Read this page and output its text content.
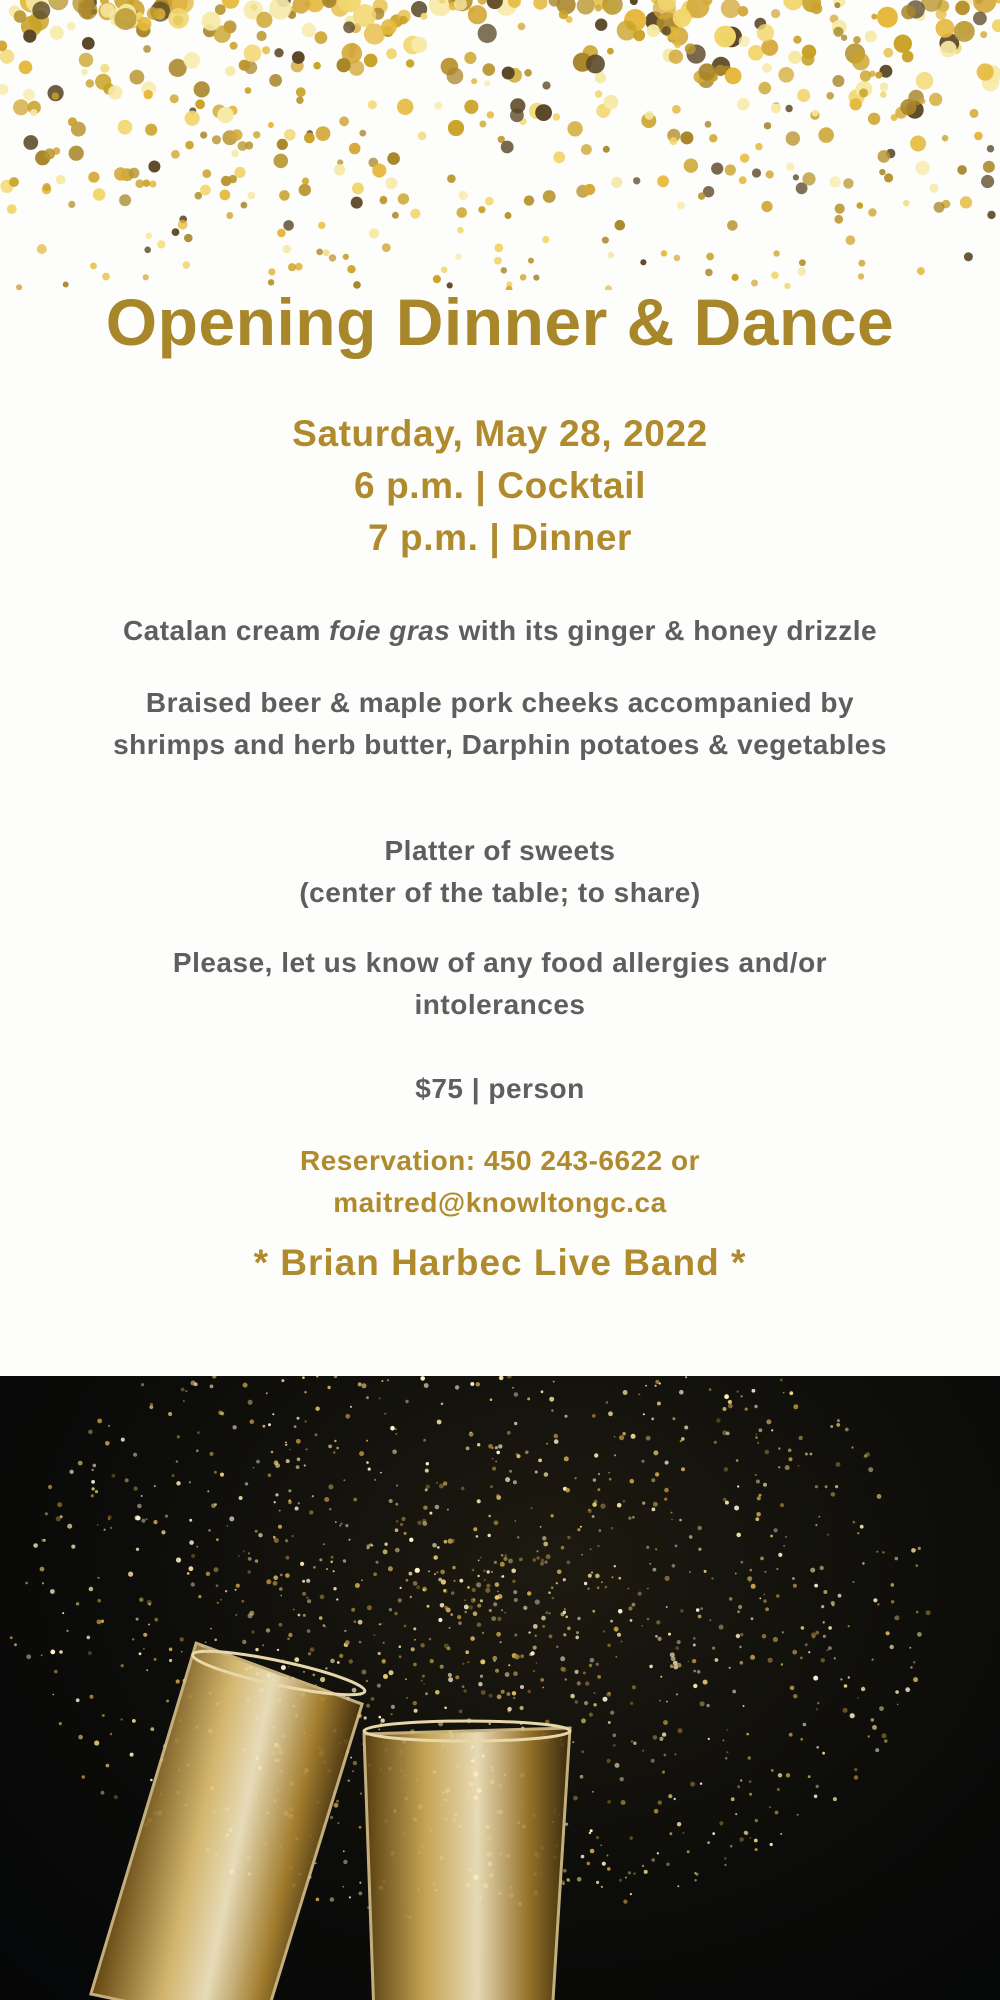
Opening Dinner & Dance
Saturday, May 28, 2022
6 p.m. | Cocktail
7 p.m. | Dinner

Catalan cream foie gras with its ginger & honey drizzle

Braised beer & maple pork cheeks accompanied by shrimps and herb butter, Darphin potatoes & vegetables

Platter of sweets

(center of the table; to share)

Please, let us know of any food allergies and/or intolerances

$75 | person

Reservation: 450 243-6622 or

maitred@knowltongc.ca

* Brian Harbec Live Band *
